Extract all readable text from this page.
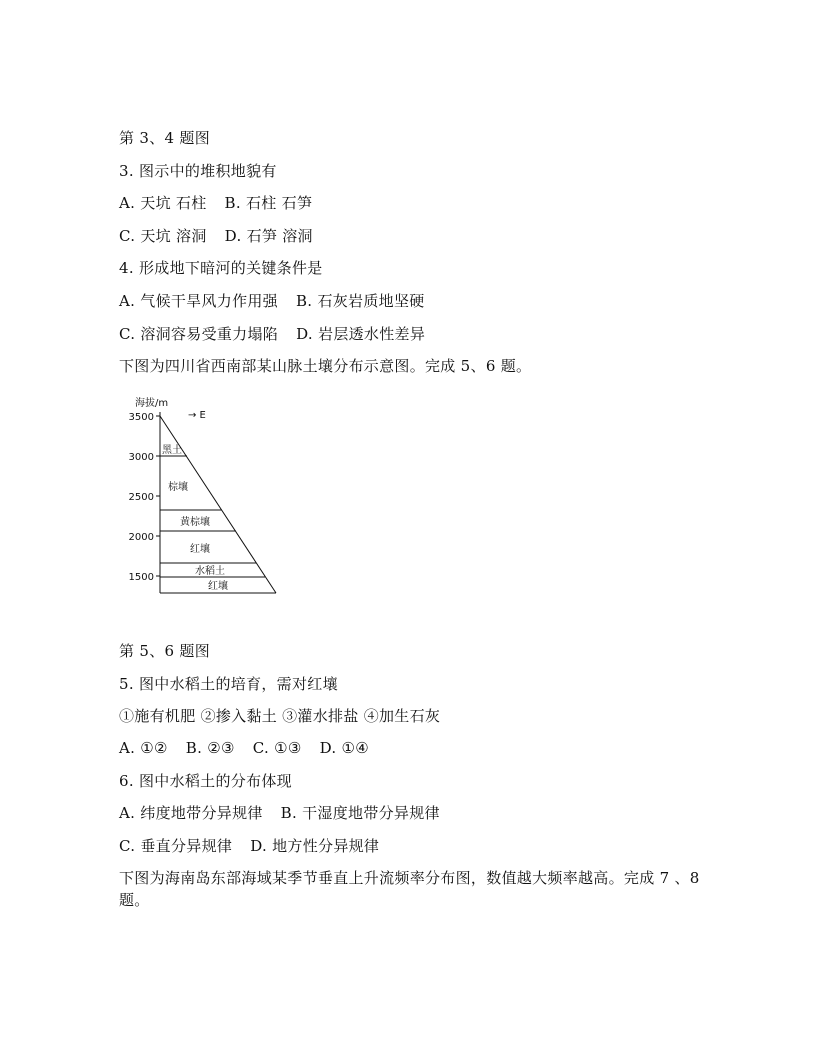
第 3、4 题图
3. 图示中的堆积地貌有
A. 天坑 石柱 B. 石柱 石笋
C. 天坑 溶洞 D. 石笋 溶洞
4. 形成地下暗河的关键条件是
A. 气候干旱风力作用强 B. 石灰岩质地坚硬
C. 溶洞容易受重力塌陷 D. 岩层透水性差异
下图为四川省西南部某山脉土壤分布示意图。完成 5、6 题。
海拔/m
→ E
3500
3000
2500
2000
1500
黑土
棕壤
黄棕壤
红壤
水稻土
红壤
第 5、6 题图
5. 图中水稻土的培育，需对红壤
①施有机肥 ②掺入黏土 ③灌水排盐 ④加生石灰
A. ①② B. ②③ C. ①③ D. ①④
6. 图中水稻土的分布体现
A. 纬度地带分异规律 B. 干湿度地带分异规律
C. 垂直分异规律 D. 地方性分异规律
下图为海南岛东部海域某季节垂直上升流频率分布图，数值越大频率越高。完成 7 、8 题。
